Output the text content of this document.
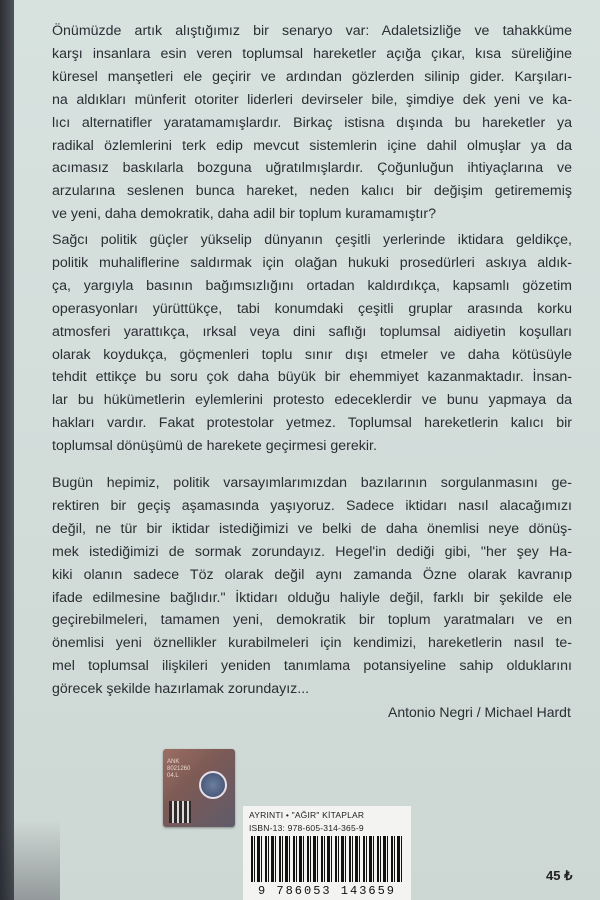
Önümüzde artık alıştığımız bir senaryo var: Adaletsizliğe ve tahakküme
karşı insanlara esin veren toplumsal hareketler açığa çıkar, kısa süreliğine
küresel manşetleri ele geçirir ve ardından gözlerden silinip gider. Karşıları-
na aldıkları münferit otoriter liderleri devirseler bile, şimdiye dek yeni ve ka-
lıcı alternatifler yaratamamışlardır. Birkaç istisna dışında bu hareketler ya
radikal özlemlerini terk edip mevcut sistemlerin içine dahil olmuşlar ya da
acımasız baskılarla bozguna uğratılmışlardır. Çoğunluğun ihtiyaçlarına ve
arzularına seslenen bunca hareket, neden kalıcı bir değişim getirememiş
ve yeni, daha demokratik, daha adil bir toplum kuramamıştır?
Sağcı politik güçler yükselip dünyanın çeşitli yerlerinde iktidara geldikçe,
politik muhaliflerine saldırmak için olağan hukuki prosedürleri askıya aldık-
ça, yargıyla basının bağımsızlığını ortadan kaldırdıkça, kapsamlı gözetim
operasyonları yürüttükçe, tabi konumdaki çeşitli gruplar arasında korku
atmosferi yarattıkça, ırksal veya dini saflığı toplumsal aidiyetin koşulları
olarak koydukça, göçmenleri toplu sınır dışı etmeler ve daha kötüsüyle
tehdit ettikçe bu soru çok daha büyük bir ehemmiyet kazanmaktadır. İnsan-
lar bu hükümetlerin eylemlerini protesto edeceklerdir ve bunu yapmaya da
hakları vardır. Fakat protestolar yetmez. Toplumsal hareketlerin kalıcı bir
toplumsal dönüşümü de harekete geçirmesi gerekir.
Bugün hepimiz, politik varsayımlarımızdan bazılarının sorgulanmasını ge-
rektiren bir geçiş aşamasında yaşıyoruz. Sadece iktidarı nasıl alacağımızı
değil, ne tür bir iktidar istediğimizi ve belki de daha önemlisi neye dönüş-
mek istediğimizi de sormak zorundayız. Hegel'in dediği gibi, "her şey Ha-
kiki olanın sadece Töz olarak değil aynı zamanda Özne olarak kavranıp
ifade edilmesine bağlıdır." İktidarı olduğu haliyle değil, farklı bir şekilde ele
geçirebilmeleri, tamamen yeni, demokratik bir toplum yaratmaları ve en
önemlisi yeni öznellikler kurabilmeleri için kendimizi, hareketlerin nasıl te-
mel toplumsal ilişkileri yeniden tanımlama potansiyeline sahip olduklarını
görecek şekilde hazırlamak zorundayız...
Antonio Negri / Michael Hardt
ANK 8021260 04.L
AYRINTI • "AĞIR" KİTAPLAR
ISBN-13: 978-605-314-365-9
9 786053 143659
45 ₺
